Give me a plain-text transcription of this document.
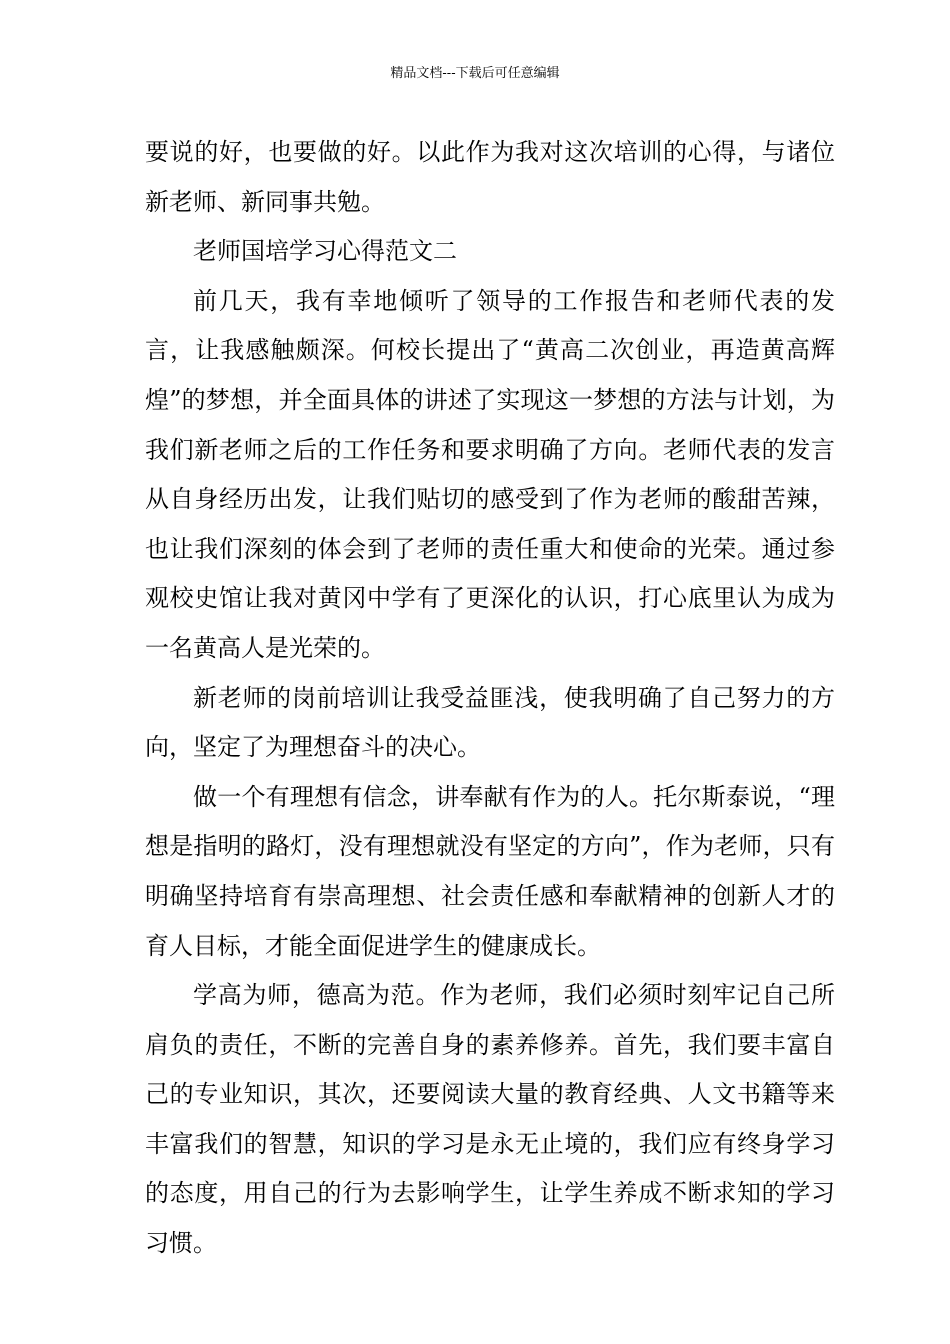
精品文档---下载后可任意编辑

要说的好，也要做的好。以此作为我对这次培训的心得，与诸位新老师、新同事共勉。

老师国培学习心得范文二

前几天，我有幸地倾听了领导的工作报告和老师代表的发言，让我感触颇深。何校长提出了“黄高二次创业，再造黄高辉煌”的梦想，并全面具体的讲述了实现这一梦想的方法与计划，为我们新老师之后的工作任务和要求明确了方向。老师代表的发言从自身经历出发，让我们贴切的感受到了作为老师的酸甜苦辣，也让我们深刻的体会到了老师的责任重大和使命的光荣。通过参观校史馆让我对黄冈中学有了更深化的认识，打心底里认为成为一名黄高人是光荣的。

新老师的岗前培训让我受益匪浅，使我明确了自己努力的方向，坚定了为理想奋斗的决心。

做一个有理想有信念，讲奉献有作为的人。托尔斯泰说，“理想是指明的路灯，没有理想就没有坚定的方向”，作为老师，只有明确坚持培育有崇高理想、社会责任感和奉献精神的创新人才的育人目标，才能全面促进学生的健康成长。

学高为师，德高为范。作为老师，我们必须时刻牢记自己所肩负的责任，不断的完善自身的素养修养。首先，我们要丰富自己的专业知识，其次，还要阅读大量的教育经典、人文书籍等来丰富我们的智慧，知识的学习是永无止境的，我们应有终身学习的态度，用自己的行为去影响学生，让学生养成不断求知的学习习惯。
